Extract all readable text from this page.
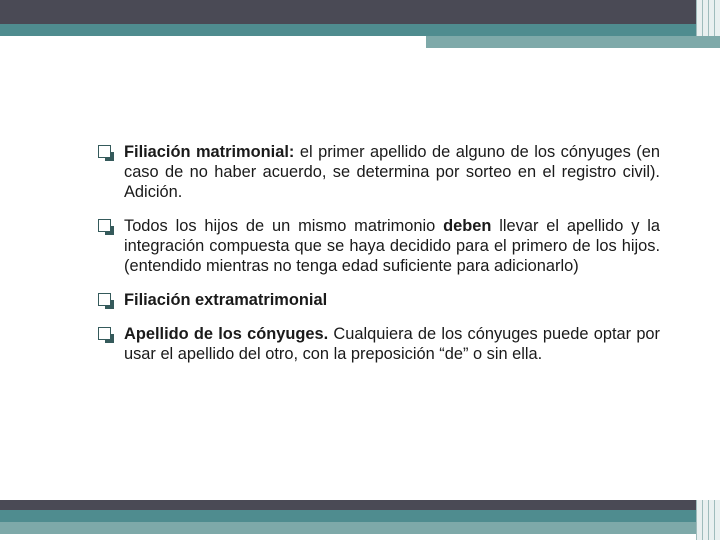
Filiación matrimonial: el primer apellido de alguno de los cónyuges (en caso de no haber acuerdo, se determina por sorteo en el registro civil). Adición.
Todos los hijos de un mismo matrimonio deben llevar el apellido y la integración compuesta que se haya decidido para el primero de los hijos. (entendido mientras no tenga edad suficiente para adicionarlo)
Filiación extramatrimonial
Apellido de los cónyuges. Cualquiera de los cónyuges puede optar por usar el apellido del otro, con la preposición “de” o sin ella.
